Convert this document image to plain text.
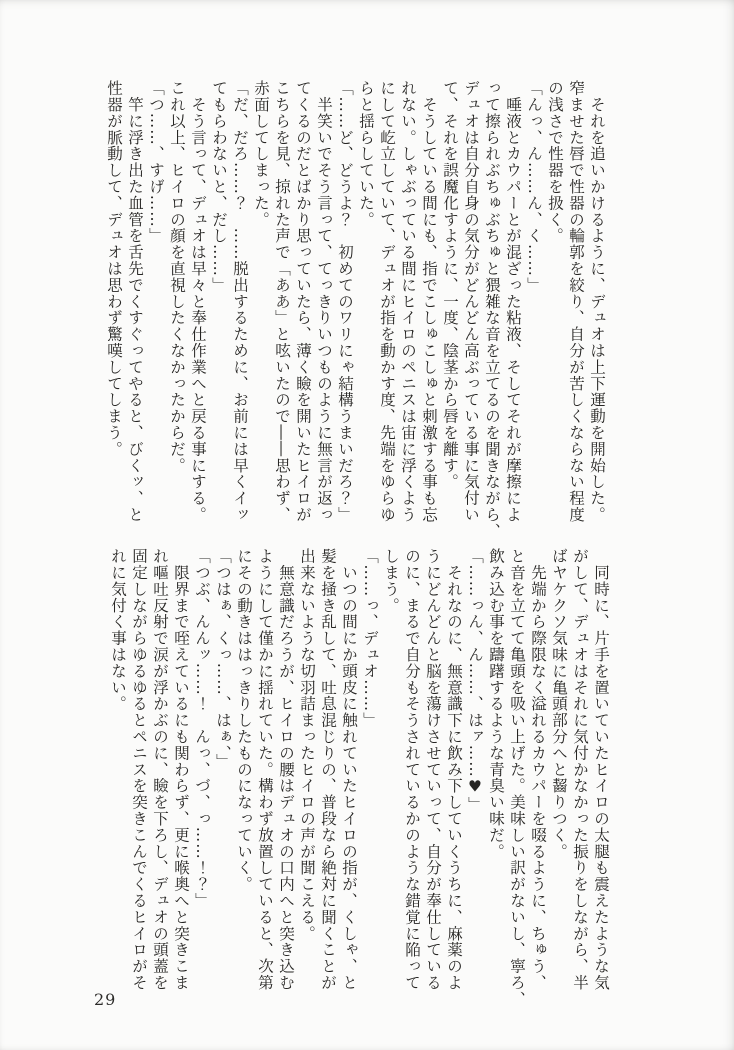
　それを追いかけるように、デュオは上下運動を開始した。
窄ませた唇で性器の輪郭を絞り、自分が苦しくならない程度
の浅さで性器を扱く。
「んっ、ん……ん、く……」
　唾液とカウパーとが混ざった粘液、そしてそれが摩擦によ
って擦られぶちゅぶちゅと猥雑な音を立てるのを聞きながら、
デュオは自分自身の気分がどんどん高ぶっている事に気付い
て、それを誤魔化すように、一度、陰茎から唇を離す。
　そうしている間にも、指でこしゅこしゅと刺激する事も忘
れない。しゃぶっている間にヒイロのペニスは宙に浮くよう
にして屹立していて、デュオが指を動かす度、先端をゆらゆ
らと揺らしていた。
「……ど、どうよ？　初めてのワリにゃ結構うまいだろ？」
　半笑いでそう言って、てっきりいつものように無言が返っ
てくるのだとばかり思っていたら、薄く瞼を開いたヒイロが
こちらを見、掠れた声で「ああ」と呟いたので――思わず、
赤面してしまった。
「だ、だろ……？　……脱出するために、お前には早くイッ
てもらわないと、だし……」
　そう言って、デュオは早々と奉仕作業へと戻る事にする。
これ以上、ヒイロの顔を直視したくなかったからだ。
「つ……、すげ……」
　竿に浮き出た血管を舌先でくすぐってやると、びくッ、と
性器が脈動して、デュオは思わず驚嘆してしまう。
　同時に、片手を置いていたヒイロの太腿も震えたような気
がして、デュオはそれに気付かなかった振りをしながら、半
ばヤケクソ気味に亀頭部分へと齧りつく。
　先端から際限なく溢れるカウパーを啜るように、ちゅう、
と音を立てて亀頭を吸い上げた。美味しい訳がないし、寧ろ、
飲み込む事を躊躇するような青臭い味だ。
「……っん、ん……、はァ……♥」
　それなのに、無意識下に飲み下していくうちに、麻薬のよ
うにどんどんと脳を蕩けさせていって、自分が奉仕している
のに、まるで自分もそうされているかのような錯覚に陥って
しまう。
「……っ、デュオ……」
　いつの間にか頭皮に触れていたヒイロの指が、くしゃ、と
髪を掻き乱して、吐息混じりの、普段なら絶対に聞くことが
出来ないような切羽詰まったヒイロの声が聞こえる。
　無意識だろうが、ヒイロの腰はデュオの口内へと突き込む
ようにして僅かに揺れていた。構わず放置していると、次第
にその動きははっきりしたものになっていく。
「つはぁ、くっ……、はぁ、」
「つぶ、んんッ……！　んっ、づ、っ……！？」
　限界まで咥えているにも関わらず、更に喉奥へと突きこま
れ嘔吐反射で涙が浮かぶのに、瞼を下ろし、デュオの頭蓋を
固定しながらゆるゆるとペニスを突きこんでくるヒイロがそ
れに気付く事はない。
29
